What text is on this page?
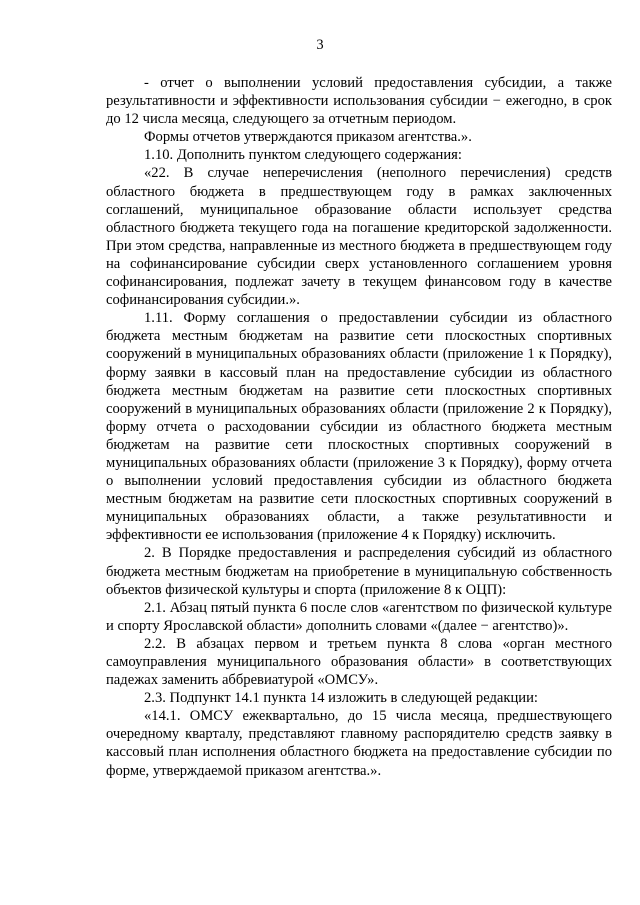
3

- отчет о выполнении условий предоставления субсидии, а также результативности и эффективности использования субсидии − ежегодно, в срок до 12 числа месяца, следующего за отчетным периодом.

Формы отчетов утверждаются приказом агентства.».

1.10. Дополнить пунктом следующего содержания:

«22. В случае неперечисления (неполного перечисления) средств областного бюджета в предшествующем году в рамках заключенных соглашений, муниципальное образование области использует средства областного бюджета текущего года на погашение кредиторской задолженности. При этом средства, направленные из местного бюджета в предшествующем году на софинансирование субсидии сверх установленного соглашением уровня софинансирования, подлежат зачету в текущем финансовом году в качестве софинансирования субсидии.».

1.11. Форму соглашения о предоставлении субсидии из областного бюджета местным бюджетам на развитие сети плоскостных спортивных сооружений в муниципальных образованиях области (приложение 1 к Порядку), форму заявки в кассовый план на предоставление субсидии из областного бюджета местным бюджетам на развитие сети плоскостных спортивных сооружений в муниципальных образованиях области (приложение 2 к Порядку), форму отчета о расходовании субсидии из областного бюджета местным бюджетам на развитие сети плоскостных спортивных сооружений в муниципальных образованиях области (приложение 3 к Порядку), форму отчета о выполнении условий предоставления субсидии из областного бюджета местным бюджетам на развитие сети плоскостных спортивных сооружений в муниципальных образованиях области, а также результативности и эффективности ее использования (приложение 4 к Порядку) исключить.

2. В Порядке предоставления и распределения субсидий из областного бюджета местным бюджетам на приобретение в муниципальную собственность объектов физической культуры и спорта (приложение 8 к ОЦП):

2.1. Абзац пятый пункта 6 после слов «агентством по физической культуре и спорту Ярославской области» дополнить словами «(далее − агентство)».

2.2. В абзацах первом и третьем пункта 8 слова «орган местного самоуправления муниципального образования области» в соответствующих падежах заменить аббревиатурой «ОМСУ».

2.3. Подпункт 14.1 пункта 14 изложить в следующей редакции:

«14.1. ОМСУ ежеквартально, до 15 числа месяца, предшествующего очередному кварталу, представляют главному распорядителю средств заявку в кассовый план исполнения областного бюджета на предоставление субсидии по форме, утверждаемой приказом агентства.».
